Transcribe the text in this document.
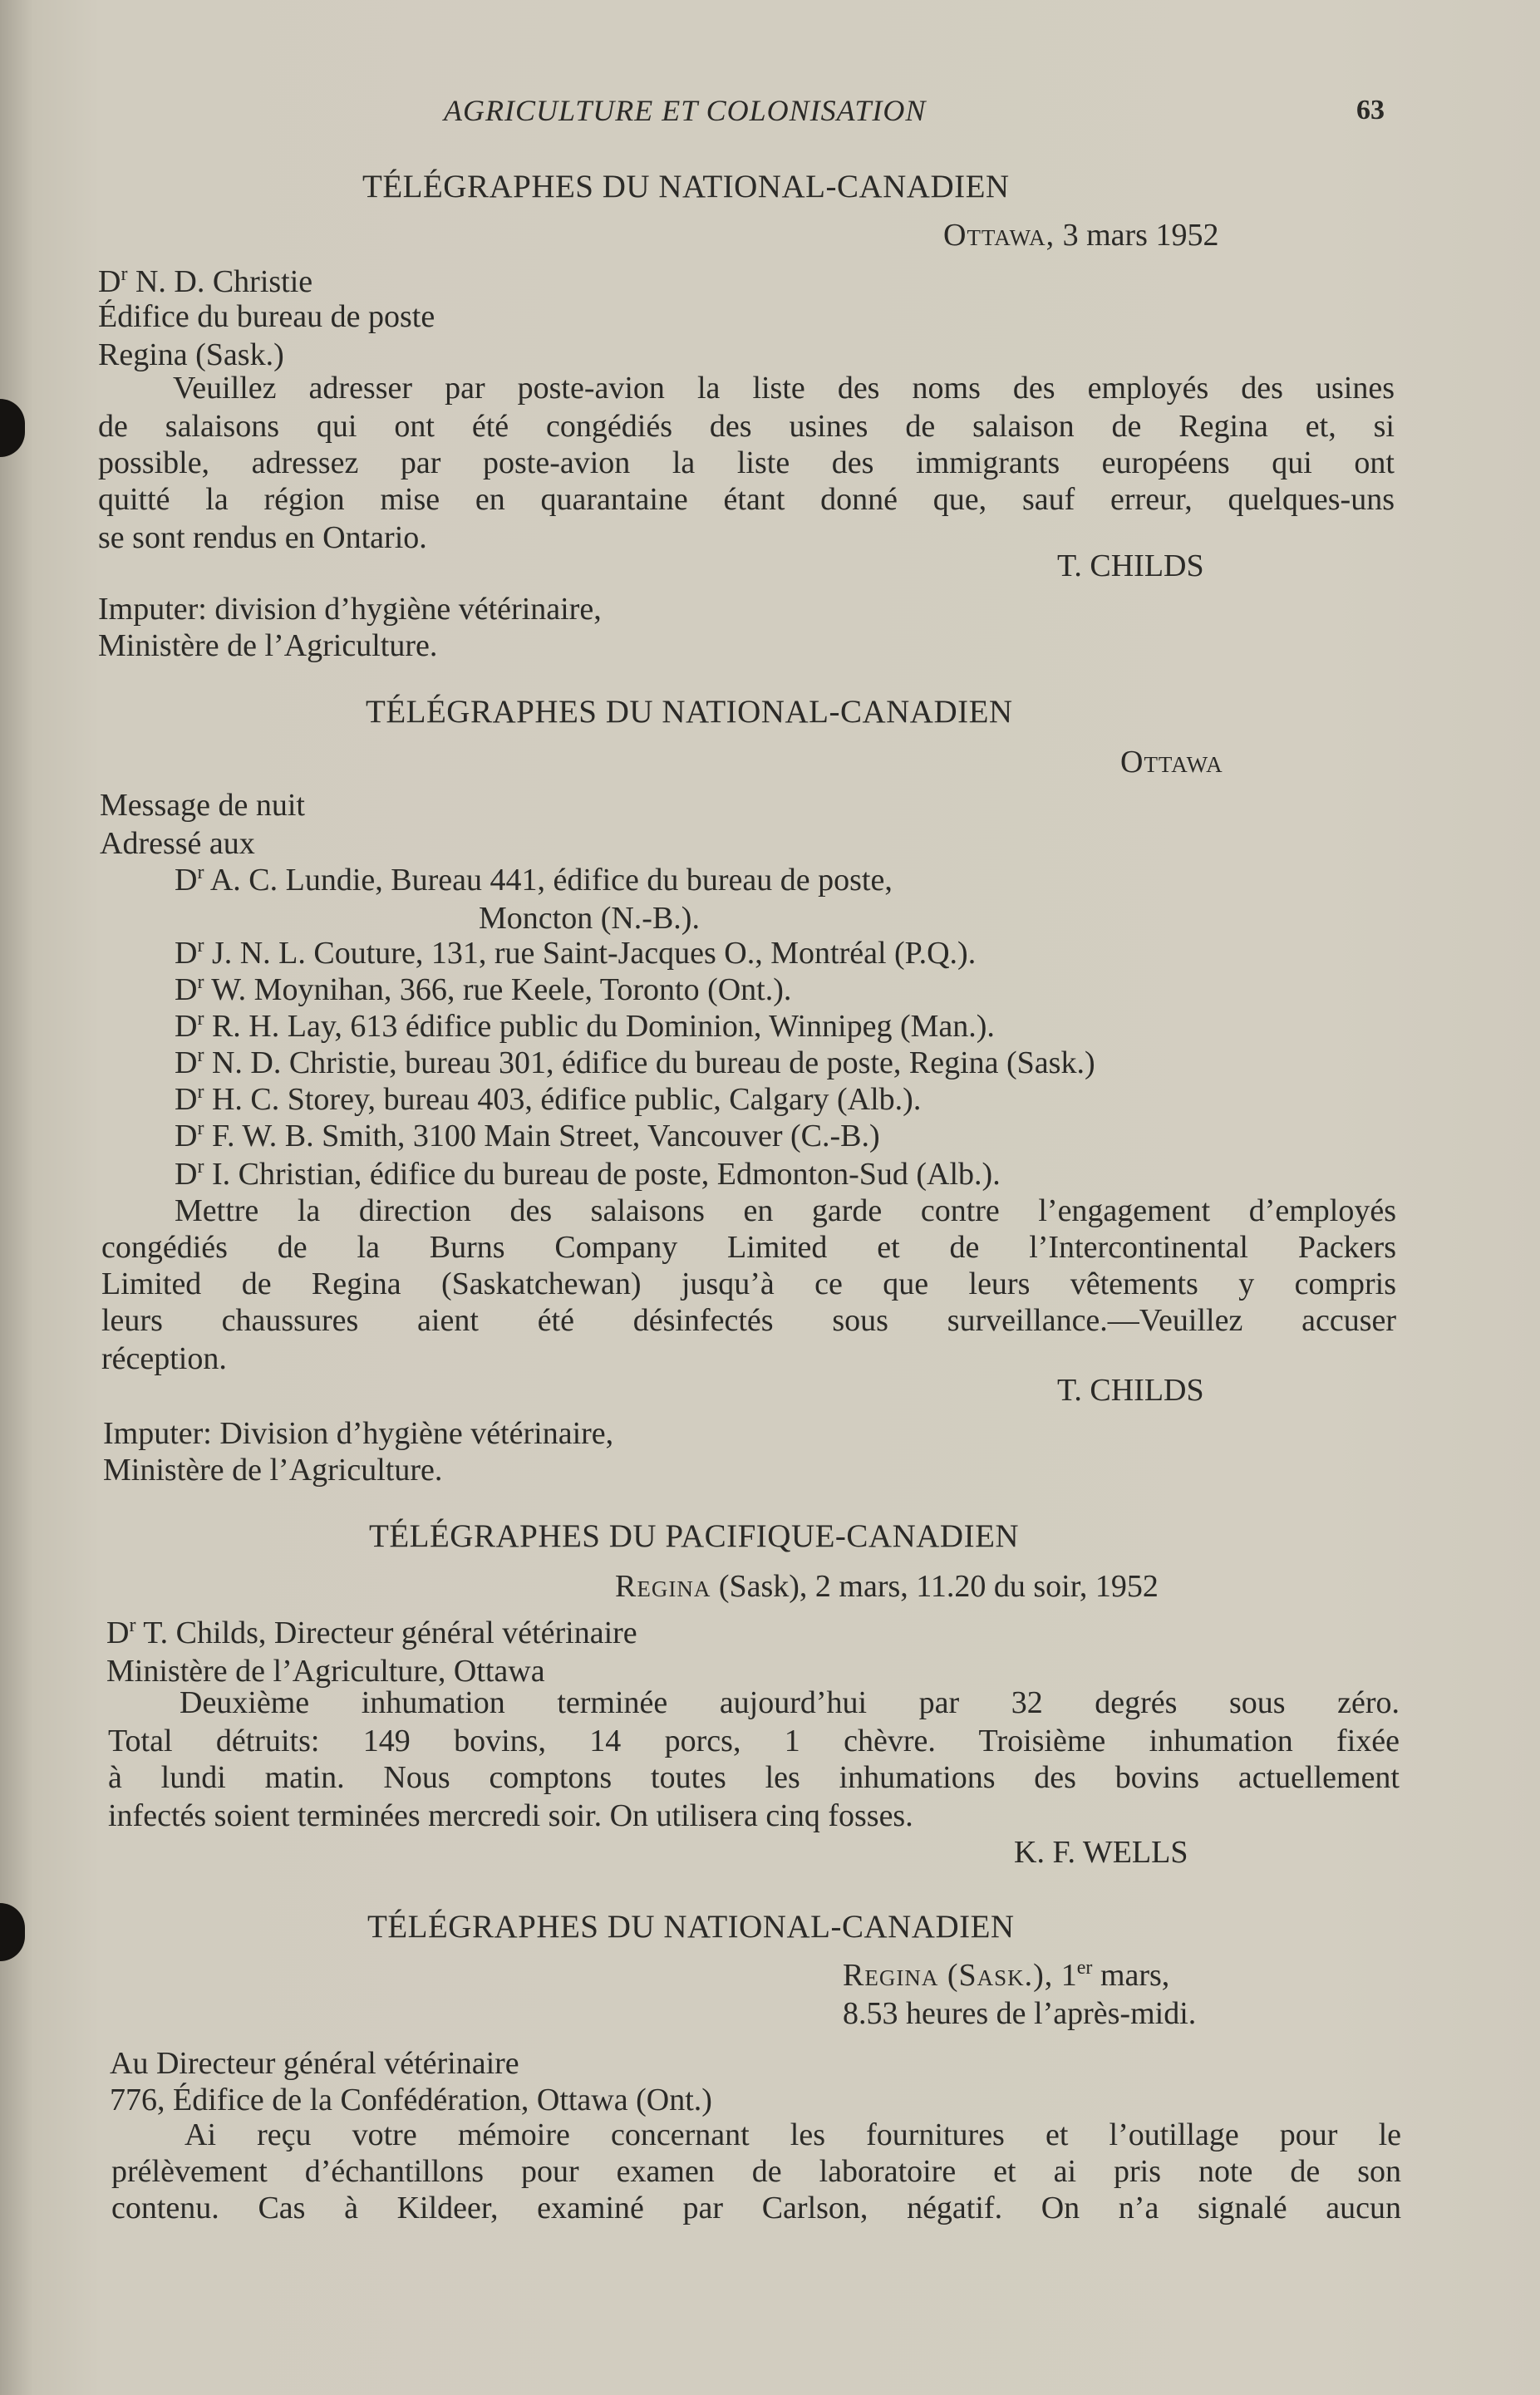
AGRICULTURE ET COLONISATION	63
TÉLÉGRAPHES DU NATIONAL-CANADIEN
Ottawa, 3 mars 1952
$D^r$ N. D. Christie
Édifice du bureau de poste
Regina (Sask.)
Veuillez adresser par poste-avion la liste des noms des employés des usines
de salaisons qui ont été congédiés des usines de salaison de Regina et, si
possible, adressez par poste-avion la liste des immigrants européens qui ont
quitté la région mise en quarantaine étant donné que, sauf erreur, quelques-uns
se sont rendus en Ontario.
T. CHILDS
Imputer: division d’hygiène vétérinaire,
Ministère de l’Agriculture.
TÉLÉGRAPHES DU NATIONAL-CANADIEN
Ottawa
Message de nuit
Adressé aux
$D^r$ A. C. Lundie, Bureau 441, édifice du bureau de poste,
Moncton (N.-B.).
$D^r$ J. N. L. Couture, 131, rue Saint-Jacques O., Montréal (P.Q.).
$D^r$ W. Moynihan, 366, rue Keele, Toronto (Ont.).
$D^r$ R. H. Lay, 613 édifice public du Dominion, Winnipeg (Man.).
$D^r$ N. D. Christie, bureau 301, édifice du bureau de poste, Regina (Sask.)
$D^r$ H. C. Storey, bureau 403, édifice public, Calgary (Alb.).
$D^r$ F. W. B. Smith, 3100 Main Street, Vancouver (C.-B.)
$D^r$ I. Christian, édifice du bureau de poste, Edmonton-Sud (Alb.).
Mettre la direction des salaisons en garde contre l’engagement d’employés
congédiés de la Burns Company Limited et de l’Intercontinental Packers
Limited de Regina (Saskatchewan) jusqu’à ce que leurs vêtements y compris
leurs chaussures aient été désinfectés sous surveillance.—Veuillez accuser
réception.
T. CHILDS
Imputer: Division d’hygiène vétérinaire,
Ministère de l’Agriculture.
TÉLÉGRAPHES DU PACIFIQUE-CANADIEN
Regina (Sask), 2 mars, 11.20 du soir, 1952
$D^r$ T. Childs, Directeur général vétérinaire
Ministère de l’Agriculture, Ottawa
Deuxième inhumation terminée aujourd’hui par 32 degrés sous zéro.
Total détruits: 149 bovins, 14 porcs, 1 chèvre. Troisième inhumation fixée
à lundi matin. Nous comptons toutes les inhumations des bovins actuellement
infectés soient terminées mercredi soir. On utilisera cinq fosses.
K. F. WELLS
TÉLÉGRAPHES DU NATIONAL-CANADIEN
Regina (Sask.), 1er mars,
8.53 heures de l’après-midi.
Au Directeur général vétérinaire
776, Édifice de la Confédération, Ottawa (Ont.)
Ai reçu votre mémoire concernant les fournitures et l’outillage pour le
prélèvement d’échantillons pour examen de laboratoire et ai pris note de son
contenu. Cas à Kildeer, examiné par Carlson, négatif. On n’a signalé aucun
